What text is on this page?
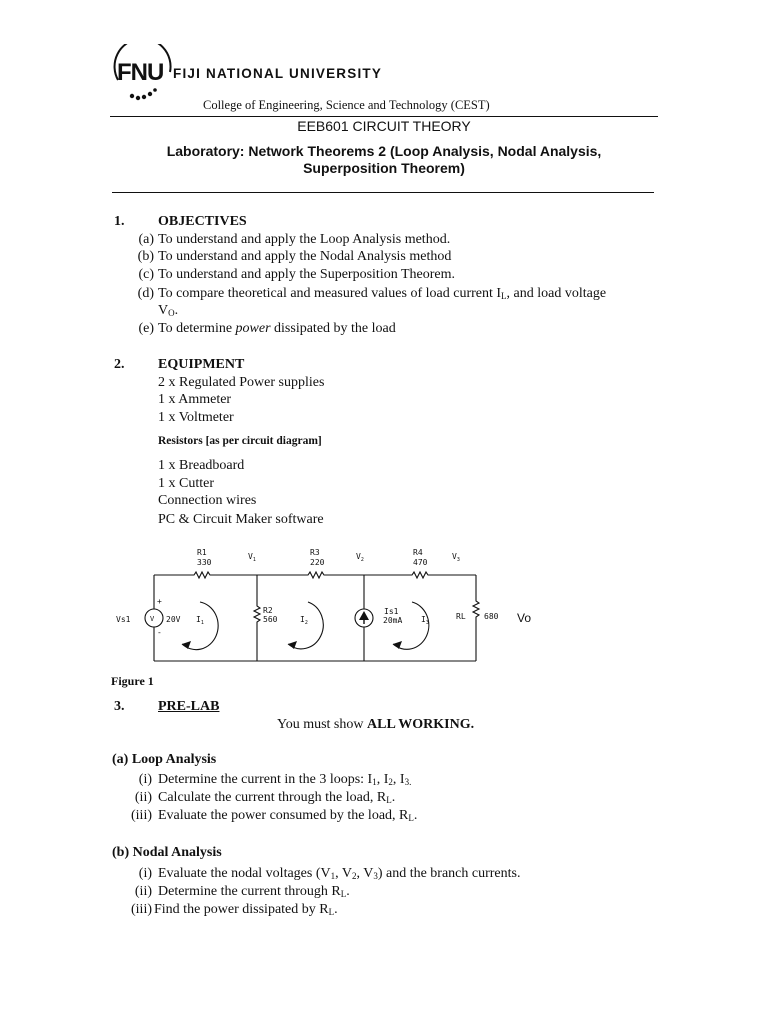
FNU FIJI NATIONAL UNIVERSITY
College of Engineering, Science and Technology (CEST)
EEB601 CIRCUIT THEORY
Laboratory: Network Theorems 2 (Loop Analysis, Nodal Analysis,
Superposition Theorem)
1. OBJECTIVES
(a) To understand and apply the Loop Analysis method.
(b) To understand and apply the Nodal Analysis method
(c) To understand and apply the Superposition Theorem.
(d) To compare theoretical and measured values of load current $I_L$, and load voltage
$V_O$.
(e) To determine power dissipated by the load
2. EQUIPMENT
2 x Regulated Power supplies
1 x Ammeter
1 x Voltmeter
Resistors [as per circuit diagram]
1 x Breadboard
1 x Cutter
Connection wires
PC & Circuit Maker software
R1
330
R3
220
R4
470
R2
560	RL 680
Vs1	V 20V
+
-
Is1
20mA
$V_1$	$V_2$	$V_3$
$I_1$	$I_2$	$I_3$	Vo
Figure 1
3. PRE-LAB
You must show ALL WORKING.
(a) Loop Analysis
(i) Determine the current in the 3 loops: $I_1$, $I_2$, $I_{3.}$
(ii) Calculate the current through the load, $R_L$.
(iii) Evaluate the power consumed by the load, $R_L$.
(b) Nodal Analysis
(i) Evaluate the nodal voltages ($V_1$, $V_2$, $V_3$) and the branch currents.
(ii) Determine the current through $R_L$.
(iii) Find the power dissipated by $R_L$.
